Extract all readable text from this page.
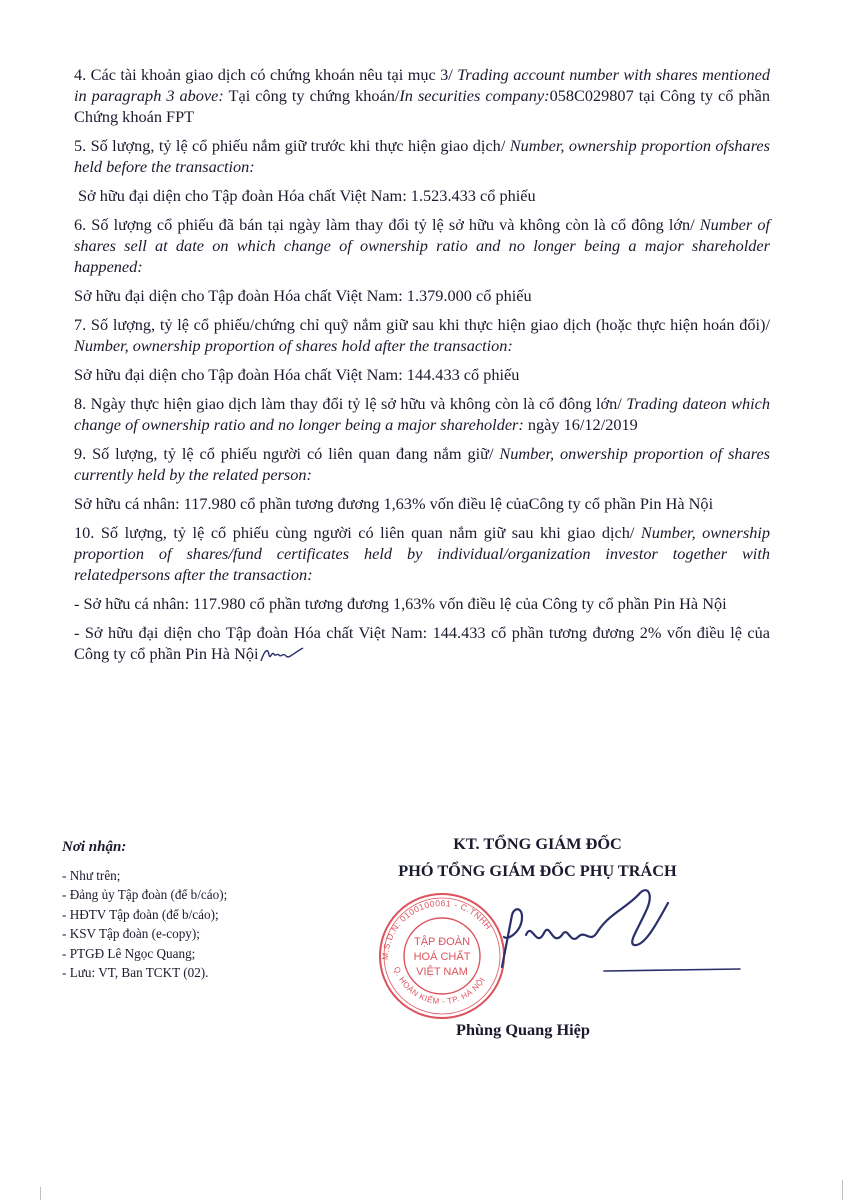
4. Các tài khoản giao dịch có chứng khoán nêu tại mục 3/ Trading account number with shares mentioned in paragraph 3 above: Tại công ty chứng khoán/In securities company:058C029807 tại Công ty cổ phần Chứng khoán FPT

5. Số lượng, tỷ lệ cổ phiếu nắm giữ trước khi thực hiện giao dịch/ Number, ownership proportion ofshares held before the transaction:

Sở hữu đại diện cho Tập đoàn Hóa chất Việt Nam: 1.523.433 cổ phiếu

6. Số lượng cổ phiếu đã bán tại ngày làm thay đổi tỷ lệ sở hữu và không còn là cổ đông lớn/ Number of shares sell at date on which change of ownership ratio and no longer being a major shareholder happened:

Sở hữu đại diện cho Tập đoàn Hóa chất Việt Nam: 1.379.000 cổ phiếu

7. Số lượng, tỷ lệ cổ phiếu/chứng chỉ quỹ nắm giữ sau khi thực hiện giao dịch (hoặc thực hiện hoán đổi)/ Number, ownership proportion of shares hold after the transaction:

Sở hữu đại diện cho Tập đoàn Hóa chất Việt Nam: 144.433 cổ phiếu

8. Ngày thực hiện giao dịch làm thay đổi tỷ lệ sở hữu và không còn là cổ đông lớn/ Trading dateon which change of ownership ratio and no longer being a major shareholder: ngày 16/12/2019

9. Số lượng, tỷ lệ cổ phiếu người có liên quan đang nắm giữ/ Number, onwership proportion of shares currently held by the related person:

Sở hữu cá nhân: 117.980 cổ phần tương đương 1,63% vốn điều lệ củaCông ty cổ phần Pin Hà Nội

10. Số lượng, tỷ lệ cổ phiếu cùng người có liên quan nắm giữ sau khi giao dịch/ Number, ownership proportion of shares/fund certificates held by individual/organization investor together with relatedpersons after the transaction:

- Sở hữu cá nhân: 117.980 cổ phần tương đương 1,63% vốn điều lệ của Công ty cổ phần Pin Hà Nội

- Sở hữu đại diện cho Tập đoàn Hóa chất Việt Nam: 144.433 cổ phần tương đương 2% vốn điều lệ của Công ty cổ phần Pin Hà Nội

Nơi nhận:
- Như trên;
- Đảng ủy Tập đoàn (để b/cáo);
- HĐTV Tập đoàn (để b/cáo);
- KSV Tập đoàn (e-copy);
- PTGĐ Lê Ngọc Quang;
- Lưu: VT, Ban TCKT (02).
KT. TỔNG GIÁM ĐỐC
PHÓ TỔNG GIÁM ĐỐC PHỤ TRÁCH
M.S.D.N: 0100100061 - C.TNHH
Q. HOÀN KIẾM - TP. HÀ NỘI
TẬP ĐOÀN
HOÁ CHẤT
VIỆT NAM
Phùng Quang Hiệp
